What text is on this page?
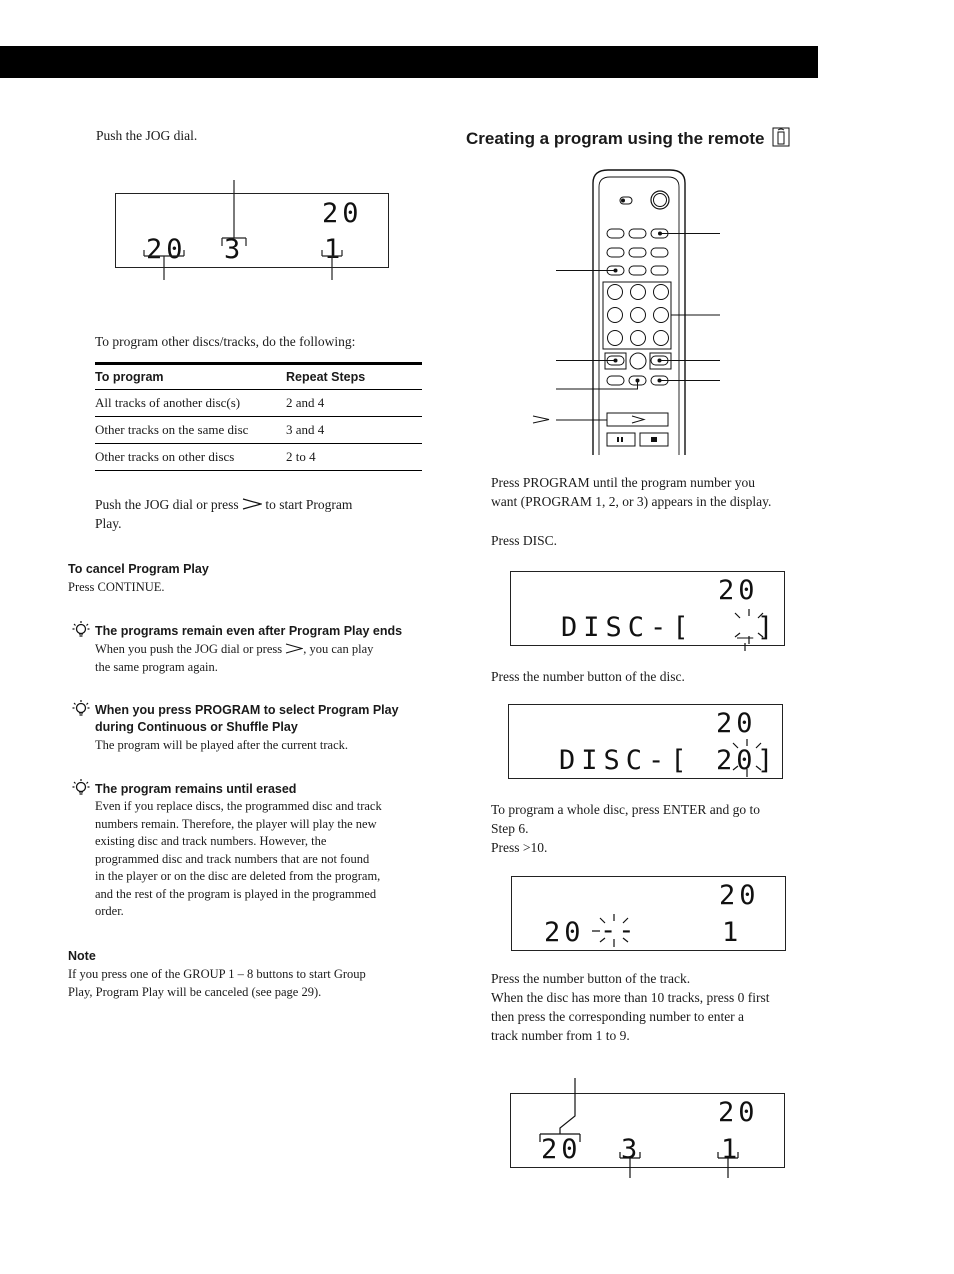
Push the JOG dial.
20
20 3	1
To program other discs/tracks, do the following:
To program	Repeat Steps
All tracks of another disc(s)	2 and 4
Other tracks on the same disc	3 and 4
Other tracks on other discs	2 to 4
Push the JOG dial or press to start Program
Play.
To cancel Program Play
Press CONTINUE.
The programs remain even after Program Play ends
When you push the JOG dial or press , you can play
the same program again.
When you press PROGRAM to select Program Play
during Continuous or Shuffle Play
The program will be played after the current track.
The program remains until erased
Even if you replace discs, the programmed disc and track
numbers remain. Therefore, the player will play the new
existing disc and track numbers. However, the
programmed disc and track numbers that are not found
in the player or on the disc are deleted from the program,
and the rest of the program is played in the programmed
order.
Note
If you press one of the GROUP 1 – 8 buttons to start Group
Play, Program Play will be canceled (see page 29).
Creating a program using the remote
Press PROGRAM until the program number you
want (PROGRAM 1, 2, or 3) appears in the display.
Press DISC.
20
DISC-[ _ ]
Press the number button of the disc.
20
DISC-[ 20 ]
To program a whole disc, press ENTER and go to
Step 6.
Press >10.
20
20 --	1
Press the number button of the track.
When the disc has more than 10 tracks, press 0 first
then press the corresponding number to enter a
track number from 1 to 9.
20
20 3	1
